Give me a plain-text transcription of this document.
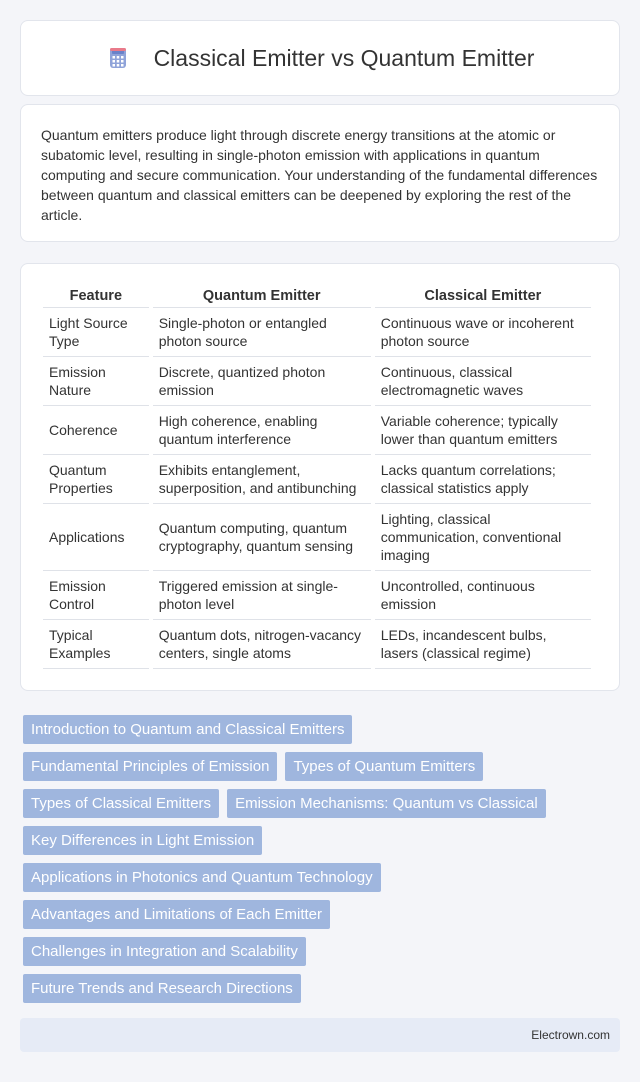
Classical Emitter vs Quantum Emitter

Quantum emitters produce light through discrete energy transitions at the atomic or subatomic level, resulting in single-photon emission with applications in quantum computing and secure communication. Your understanding of the fundamental differences between quantum and classical emitters can be deepened by exploring the rest of the article.

Feature	Quantum Emitter	Classical Emitter
Light Source Type	Single-photon or entangled photon source	Continuous wave or incoherent photon source
Emission Nature	Discrete, quantized photon emission	Continuous, classical electromagnetic waves
Coherence	High coherence, enabling quantum interference	Variable coherence; typically lower than quantum emitters
Quantum Properties	Exhibits entanglement, superposition, and antibunching	Lacks quantum correlations; classical statistics apply
Applications	Quantum computing, quantum cryptography, quantum sensing	Lighting, classical communication, conventional imaging
Emission Control	Triggered emission at single-photon level	Uncontrolled, continuous emission
Typical Examples	Quantum dots, nitrogen-vacancy centers, single atoms	LEDs, incandescent bulbs, lasers (classical regime)
Introduction to Quantum and Classical Emitters
Fundamental Principles of Emission	Types of Quantum Emitters
Types of Classical Emitters	Emission Mechanisms: Quantum vs Classical
Key Differences in Light Emission
Applications in Photonics and Quantum Technology
Advantages and Limitations of Each Emitter
Challenges in Integration and Scalability
Future Trends and Research Directions
Electrown.com
